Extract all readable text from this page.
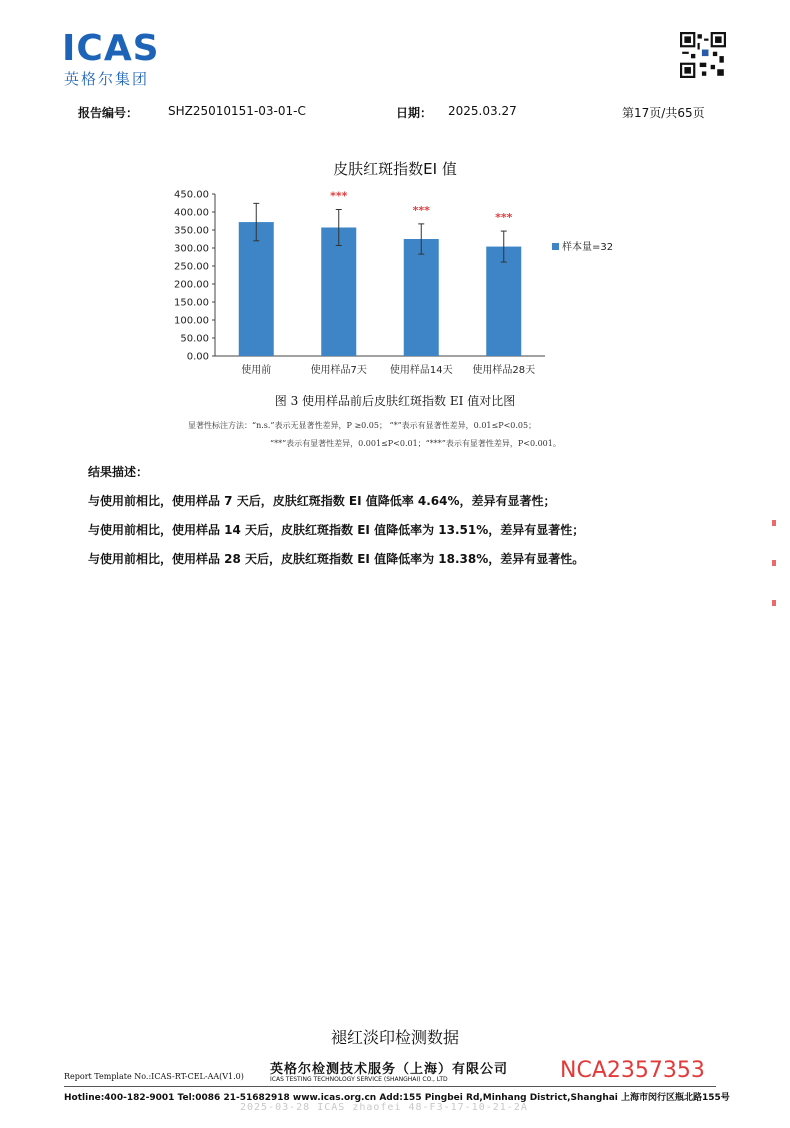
ICAS
英格尔集团
报告编号： SHZ25010151-03-01-C	日期： 2025.03.27	第17页/共65页
皮肤红斑指数EI 值
0.00
50.00
100.00
150.00
200.00
250.00
300.00
350.00
400.00
450.00
使用前	使用样品7天
***
使用样品14天
***
使用样品28天
***
样本量=32
图 3 使用样品前后皮肤红斑指数 EI 值对比图
显著性标注方法：“n.s.”表示无显著性差异，P ≥0.05； “*”表示有显著性差异，0.01≤P<0.05；
“**”表示有显著性差异，0.001≤P<0.01；“***”表示有显著性差异，P<0.001。
结果描述：
与使用前相比，使用样品 7 天后，皮肤红斑指数 EI 值降低率 4.64%，差异有显著性；
与使用前相比，使用样品 14 天后，皮肤红斑指数 EI 值降低率为 13.51%，差异有显著性；
与使用前相比，使用样品 28 天后，皮肤红斑指数 EI 值降低率为 18.38%，差异有显著性。
褪红淡印检测数据
Report Template No.:ICAS-RT-CEL-AA(V1.0) 英格尔检测技术服务（上海）有限公司
ICAS TESTING TECHNOLOGY SERVICE (SHANGHAI) CO., LTD	NCA2357353
Hotline:400-182-9001 Tel:0086 21-51682918 www.icas.org.cn Add:155 Pingbei Rd,Minhang District,Shanghai 上海市闵行区瓶北路155号
2025-03-28 ICAS zhaofei 48-F3-17-10-21-2A
